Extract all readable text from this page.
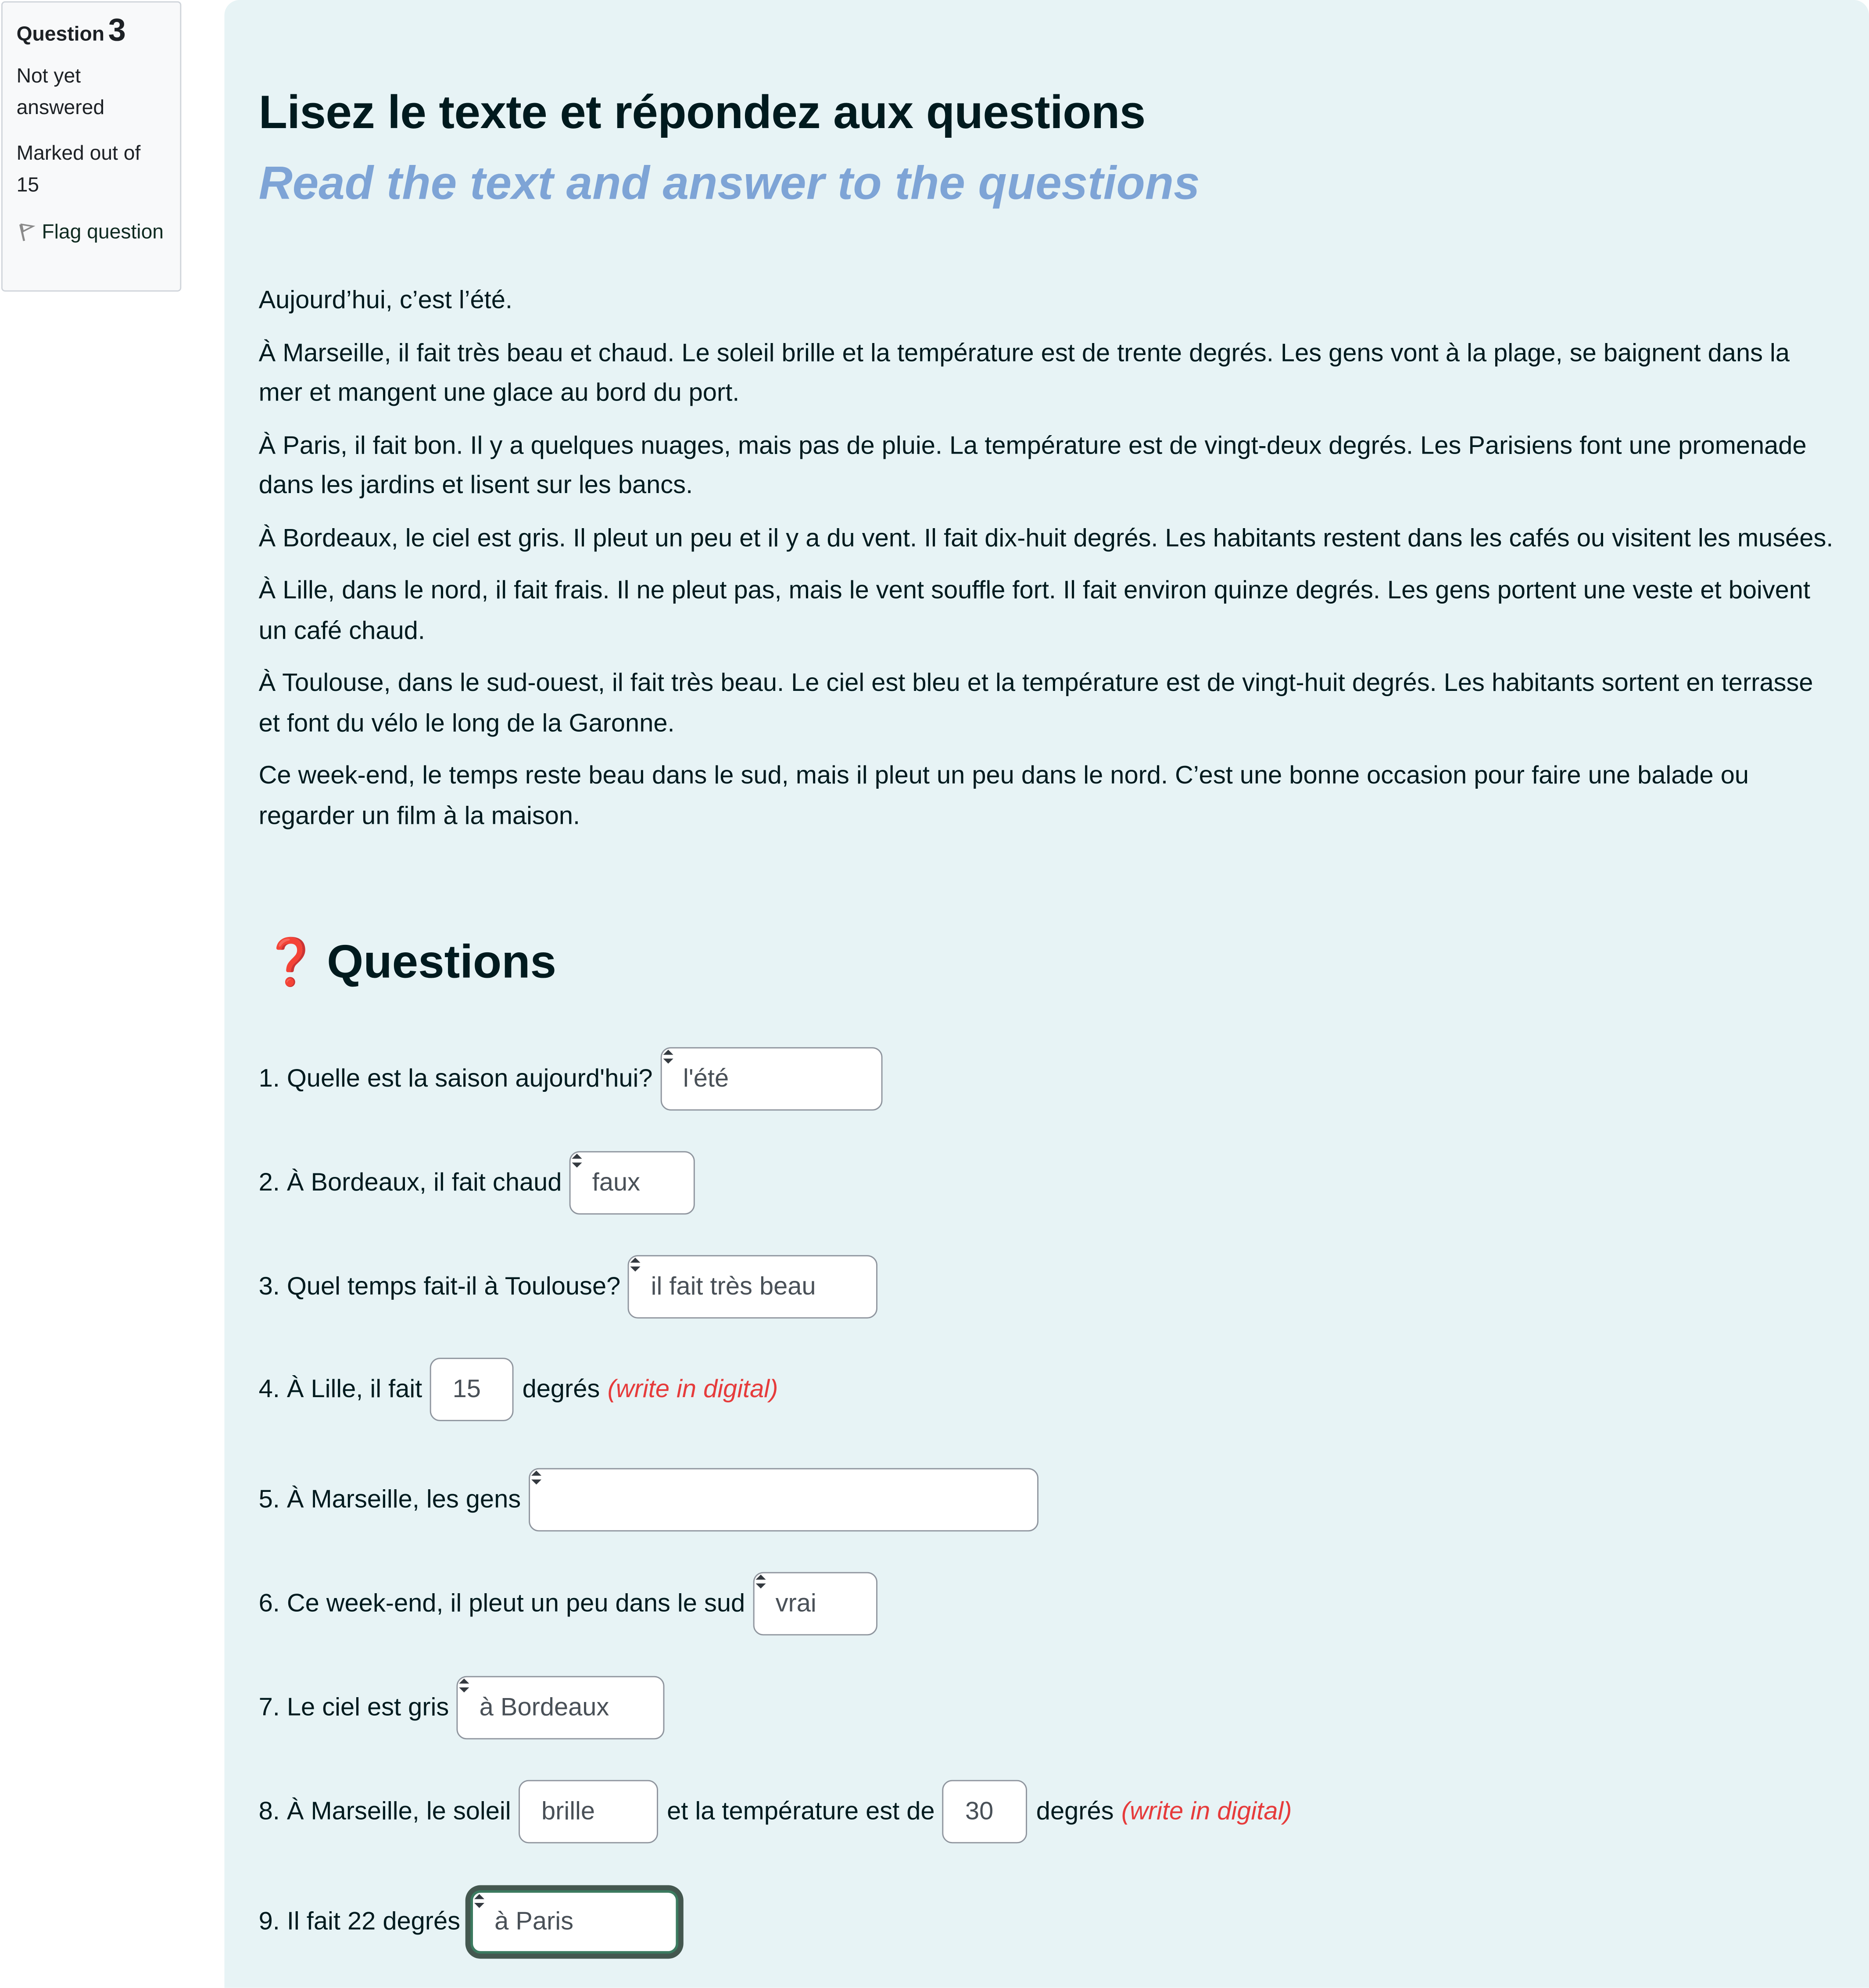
Question 3
Not yet answered
Marked out of 15
Flag question
Lisez le texte et répondez aux questions
Read the text and answer to the questions

Aujourd’hui, c’est l’été.

À Marseille, il fait très beau et chaud. Le soleil brille et la température est de trente degrés. Les gens vont à la plage, se baignent dans la mer et mangent une glace au bord du port.

À Paris, il fait bon. Il y a quelques nuages, mais pas de pluie. La température est de vingt-deux degrés. Les Parisiens font une promenade dans les jardins et lisent sur les bancs.

À Bordeaux, le ciel est gris. Il pleut un peu et il y a du vent. Il fait dix-huit degrés. Les habitants restent dans les cafés ou visitent les musées.

À Lille, dans le nord, il fait frais. Il ne pleut pas, mais le vent souffle fort. Il fait environ quinze degrés. Les gens portent une veste et boivent un café chaud.

À Toulouse, dans le sud-ouest, il fait très beau. Le ciel est bleu et la température est de vingt-huit degrés. Les habitants sortent en terrasse et font du vélo le long de la Garonne.

Ce week-end, le temps reste beau dans le sud, mais il pleut un peu dans le nord. C’est une bonne occasion pour faire une balade ou regarder un film à la maison.

❓ Questions
1. Quelle est la saison aujourd'hui?	l'été
2. À Bordeaux, il fait chaud	faux
3. Quel temps fait-il à Toulouse?	il fait très beau
4. À Lille, il fait	15	degrés (write in digital)
5. À Marseille, les gens
6. Ce week-end, il pleut un peu dans le sud	vrai
7. Le ciel est gris	à Bordeaux
8. À Marseille, le soleil	brille	et la température est de	30	degrés (write in digital)
9. Il fait 22 degrés	à Paris
